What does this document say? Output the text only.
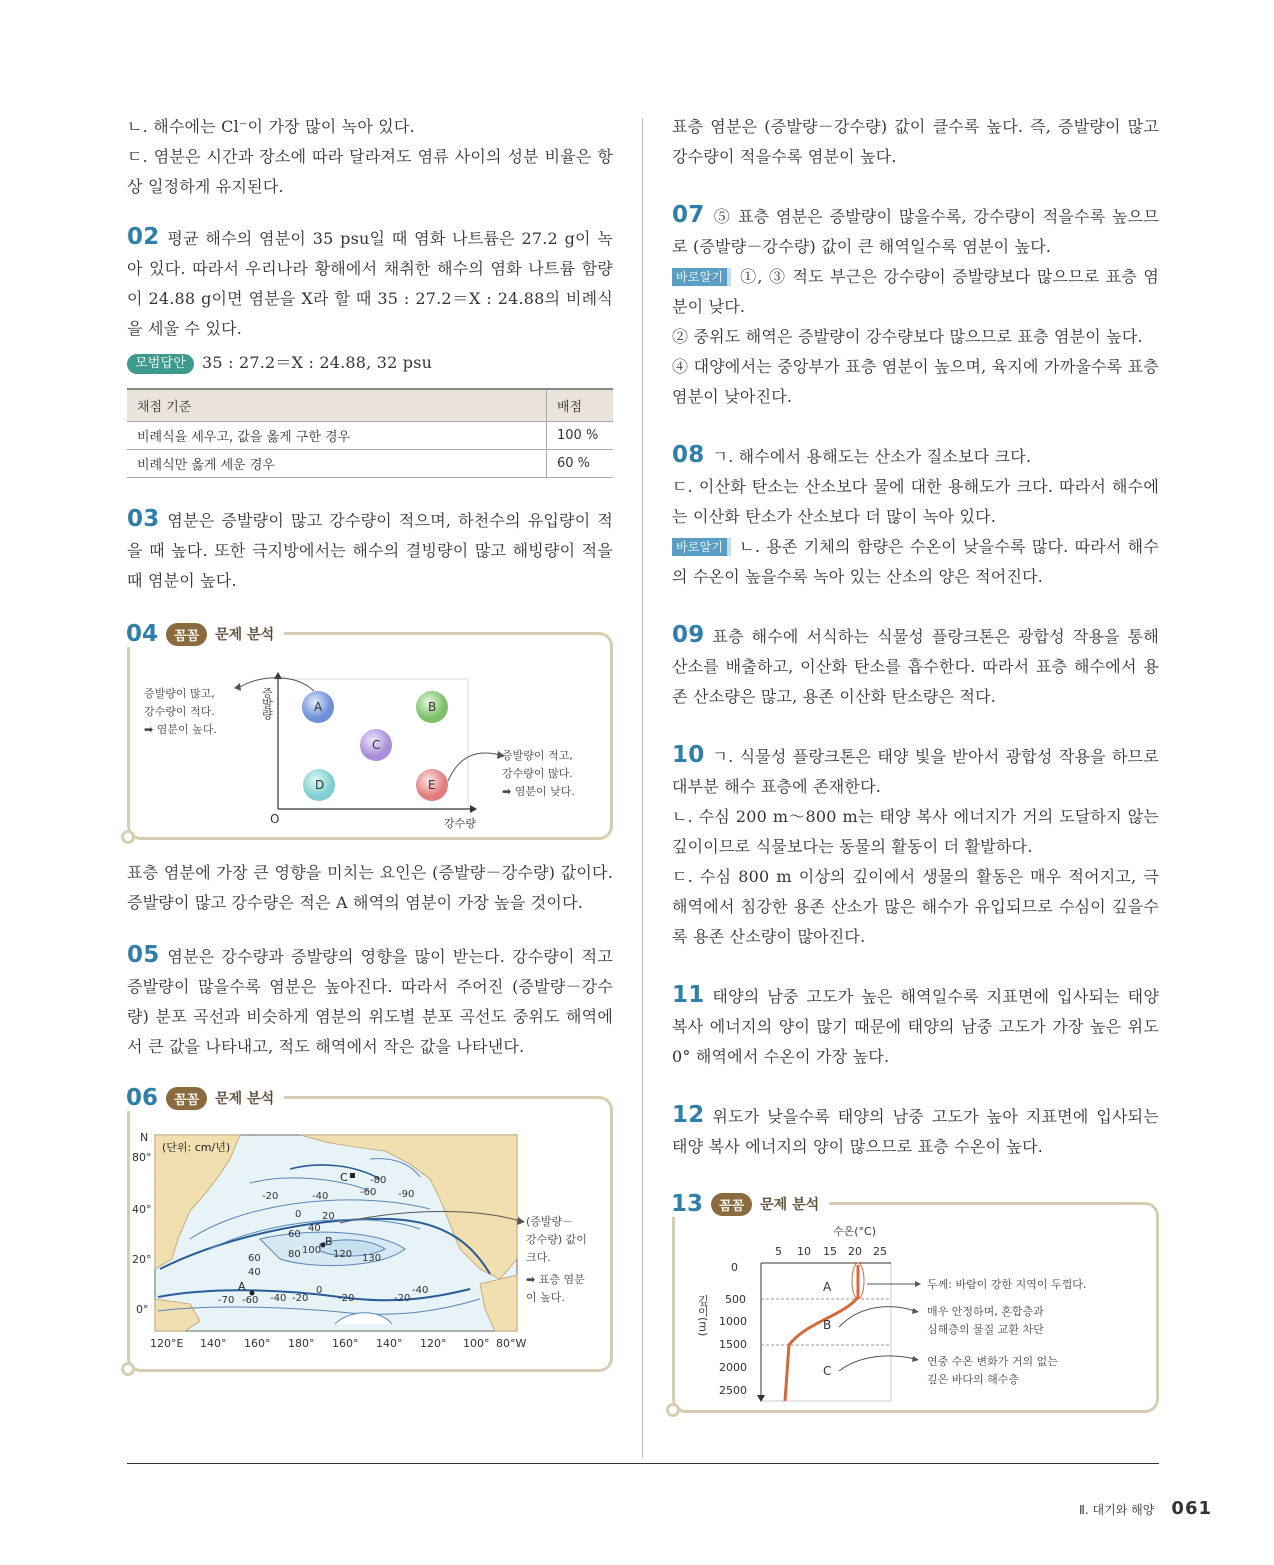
ㄴ. 해수에는 Cl⁻이 가장 많이 녹아 있다.

ㄷ. 염분은 시간과 장소에 따라 달라져도 염류 사이의 성분 비율은 항상 일정하게 유지된다.

02 평균 해수의 염분이 35 psu일 때 염화 나트륨은 27.2 g이 녹아 있다. 따라서 우리나라 황해에서 채취한 해수의 염화 나트륨 함량이 24.88 g이면 염분을 X라 할 때 35 : 27.2＝X : 24.88의 비례식을 세울 수 있다.

모범답안 35 : 27.2＝X : 24.88, 32 psu

채점 기준	배점
비례식을 세우고, 값을 옳게 구한 경우	100 %
비례식만 옳게 세운 경우	60 %

03 염분은 증발량이 많고 강수량이 적으며, 하천수의 유입량이 적을 때 높다. 또한 극지방에서는 해수의 결빙량이 많고 해빙량이 적을 때 염분이 높다.

04	꼼꼼	문제 분석
O	강수량
증발량	A	B
C
D	E
증발량이 많고,
강수량이 적다.
➡ 염분이 높다.
증발량이 적고,
강수량이 많다.
➡ 염분이 낮다.

표층 염분에 가장 큰 영향을 미치는 요인은 (증발량－강수량) 값이다. 증발량이 많고 강수량은 적은 A 해역의 염분이 가장 높을 것이다.

05 염분은 강수량과 증발량의 영향을 많이 받는다. 강수량이 적고 증발량이 많을수록 염분은 높아진다. 따라서 주어진 (증발량－강수량) 분포 곡선과 비슷하게 염분의 위도별 분포 곡선도 중위도 해역에서 큰 값을 나타내고, 적도 해역에서 작은 값을 나타낸다.

06	꼼꼼	문제 분석
C
B
A
-80
-60 -90
-20	-40
0 20
40
60
80 100 120 130
60
40
-70 -60 -40 -20
0
-20	-20
-40
(단위: cm/년)
N
80°
40°
20°
0°
120°E 140° 160° 180° 160° 140° 120° 100° 80°W
(증발량－
강수량) 값이
크다.
➡ 표층 염분
이 높다.

표층 염분은 (증발량－강수량) 값이 클수록 높다. 즉, 증발량이 많고 강수량이 적을수록 염분이 높다.

07 ⑤ 표층 염분은 증발량이 많을수록, 강수량이 적을수록 높으므로 (증발량－강수량) 값이 큰 해역일수록 염분이 높다.

바로알기 ①, ③ 적도 부근은 강수량이 증발량보다 많으므로 표층 염분이 낮다.

② 중위도 해역은 증발량이 강수량보다 많으므로 표층 염분이 높다.

④ 대양에서는 중앙부가 표층 염분이 높으며, 육지에 가까울수록 표층 염분이 낮아진다.

08 ㄱ. 해수에서 용해도는 산소가 질소보다 크다.

ㄷ. 이산화 탄소는 산소보다 물에 대한 용해도가 크다. 따라서 해수에는 이산화 탄소가 산소보다 더 많이 녹아 있다.

바로알기 ㄴ. 용존 기체의 함량은 수온이 낮을수록 많다. 따라서 해수의 수온이 높을수록 녹아 있는 산소의 양은 적어진다.

09 표층 해수에 서식하는 식물성 플랑크톤은 광합성 작용을 통해 산소를 배출하고, 이산화 탄소를 흡수한다. 따라서 표층 해수에서 용존 산소량은 많고, 용존 이산화 탄소량은 적다.

10 ㄱ. 식물성 플랑크톤은 태양 빛을 받아서 광합성 작용을 하므로 대부분 해수 표층에 존재한다.

ㄴ. 수심 200 m～800 m는 태양 복사 에너지가 거의 도달하지 않는 깊이이므로 식물보다는 동물의 활동이 더 활발하다.

ㄷ. 수심 800 m 이상의 깊이에서 생물의 활동은 매우 적어지고, 극 해역에서 침강한 용존 산소가 많은 해수가 유입되므로 수심이 깊을수록 용존 산소량이 많아진다.

11 태양의 남중 고도가 높은 해역일수록 지표면에 입사되는 태양 복사 에너지의 양이 많기 때문에 태양의 남중 고도가 가장 높은 위도 0° 해역에서 수온이 가장 높다.

12 위도가 낮을수록 태양의 남중 고도가 높아 지표면에 입사되는 태양 복사 에너지의 양이 많으므로 표층 수온이 높다.

13	꼼꼼	문제 분석
수온(°C)
5 10 15 20 25
0
500
1000
1500
2000
2500
깊이(m)
A
B
C
두께: 바람이 강한 지역이 두껍다.
매우 안정하며, 혼합층과
심해층의 물질 교환 차단
연중 수온 변화가 거의 없는
깊은 바다의 해수층
Ⅱ. 대기와 해양 061
